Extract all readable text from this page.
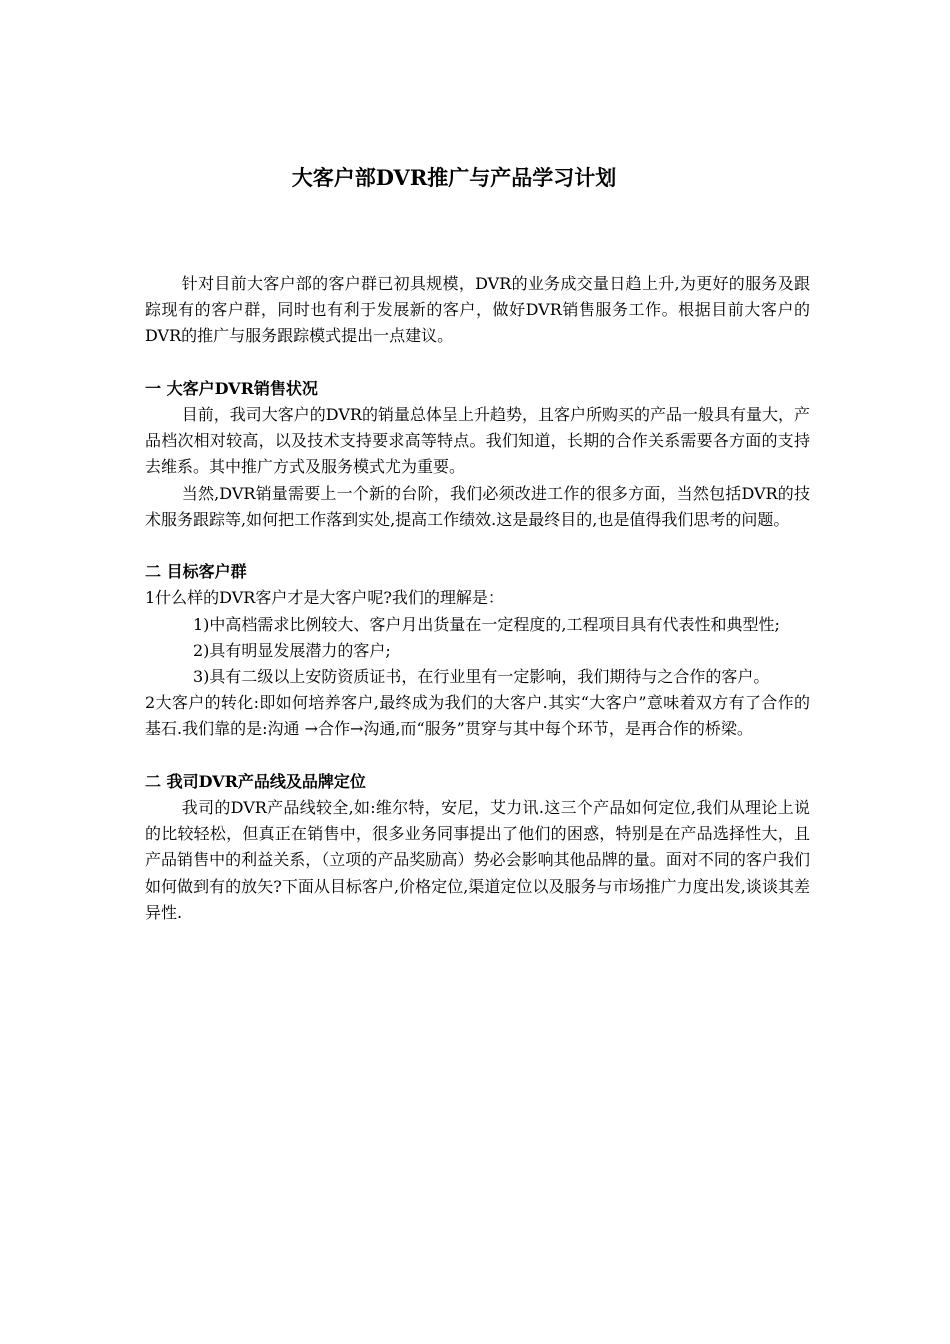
大客户部DVR推广与产品学习计划

针对目前大客户部的客户群已初具规模，DVR的业务成交量日趋上升,为更好的服务及跟踪现有的客户群，同时也有利于发展新的客户，做好DVR销售服务工作。根据目前大客户的DVR的推广与服务跟踪模式提出一点建议。

一 大客户DVR销售状况

目前，我司大客户的DVR的销量总体呈上升趋势，且客户所购买的产品一般具有量大，产品档次相对较高，以及技术支持要求高等特点。我们知道，长期的合作关系需要各方面的支持去维系。其中推广方式及服务模式尤为重要。

当然,DVR销量需要上一个新的台阶，我们必须改进工作的很多方面，当然包括DVR的技术服务跟踪等,如何把工作落到实处,提高工作绩效.这是最终目的,也是值得我们思考的问题。

二 目标客户群

1什么样的DVR客户才是大客户呢?我们的理解是：

1)中高档需求比例较大、客户月出货量在一定程度的,工程项目具有代表性和典型性;

2)具有明显发展潜力的客户;

3)具有二级以上安防资质证书，在行业里有一定影响，我们期待与之合作的客户。

2大客户的转化:即如何培养客户,最终成为我们的大客户.其实“大客户”意味着双方有了合作的基石.我们靠的是:沟通 →合作→沟通,而“服务”贯穿与其中每个环节，是再合作的桥梁。

二 我司DVR产品线及品牌定位

我司的DVR产品线较全,如:维尔特，安尼，艾力讯.这三个产品如何定位,我们从理论上说的比较轻松，但真正在销售中，很多业务同事提出了他们的困惑，特别是在产品选择性大，且产品销售中的利益关系，（立项的产品奖励高）势必会影响其他品牌的量。面对不同的客户我们如何做到有的放矢?下面从目标客户,价格定位,渠道定位以及服务与市场推广力度出发,谈谈其差异性.
